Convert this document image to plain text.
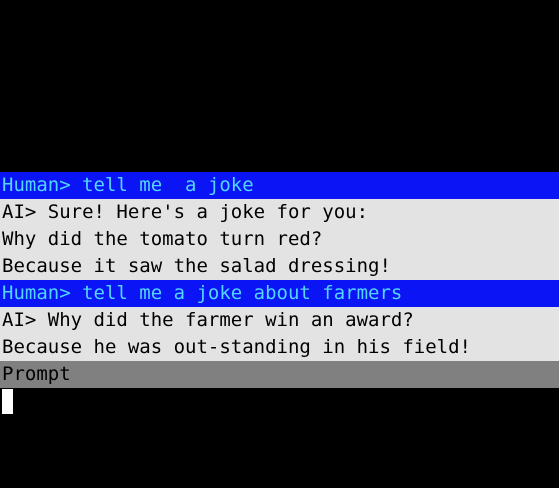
Human> tell me  a joke
AI> Sure! Here's a joke for you:
Why did the tomato turn red?
Because it saw the salad dressing!
Human> tell me a joke about farmers
AI> Why did the farmer win an award?
Because he was out-standing in his field!
Prompt
